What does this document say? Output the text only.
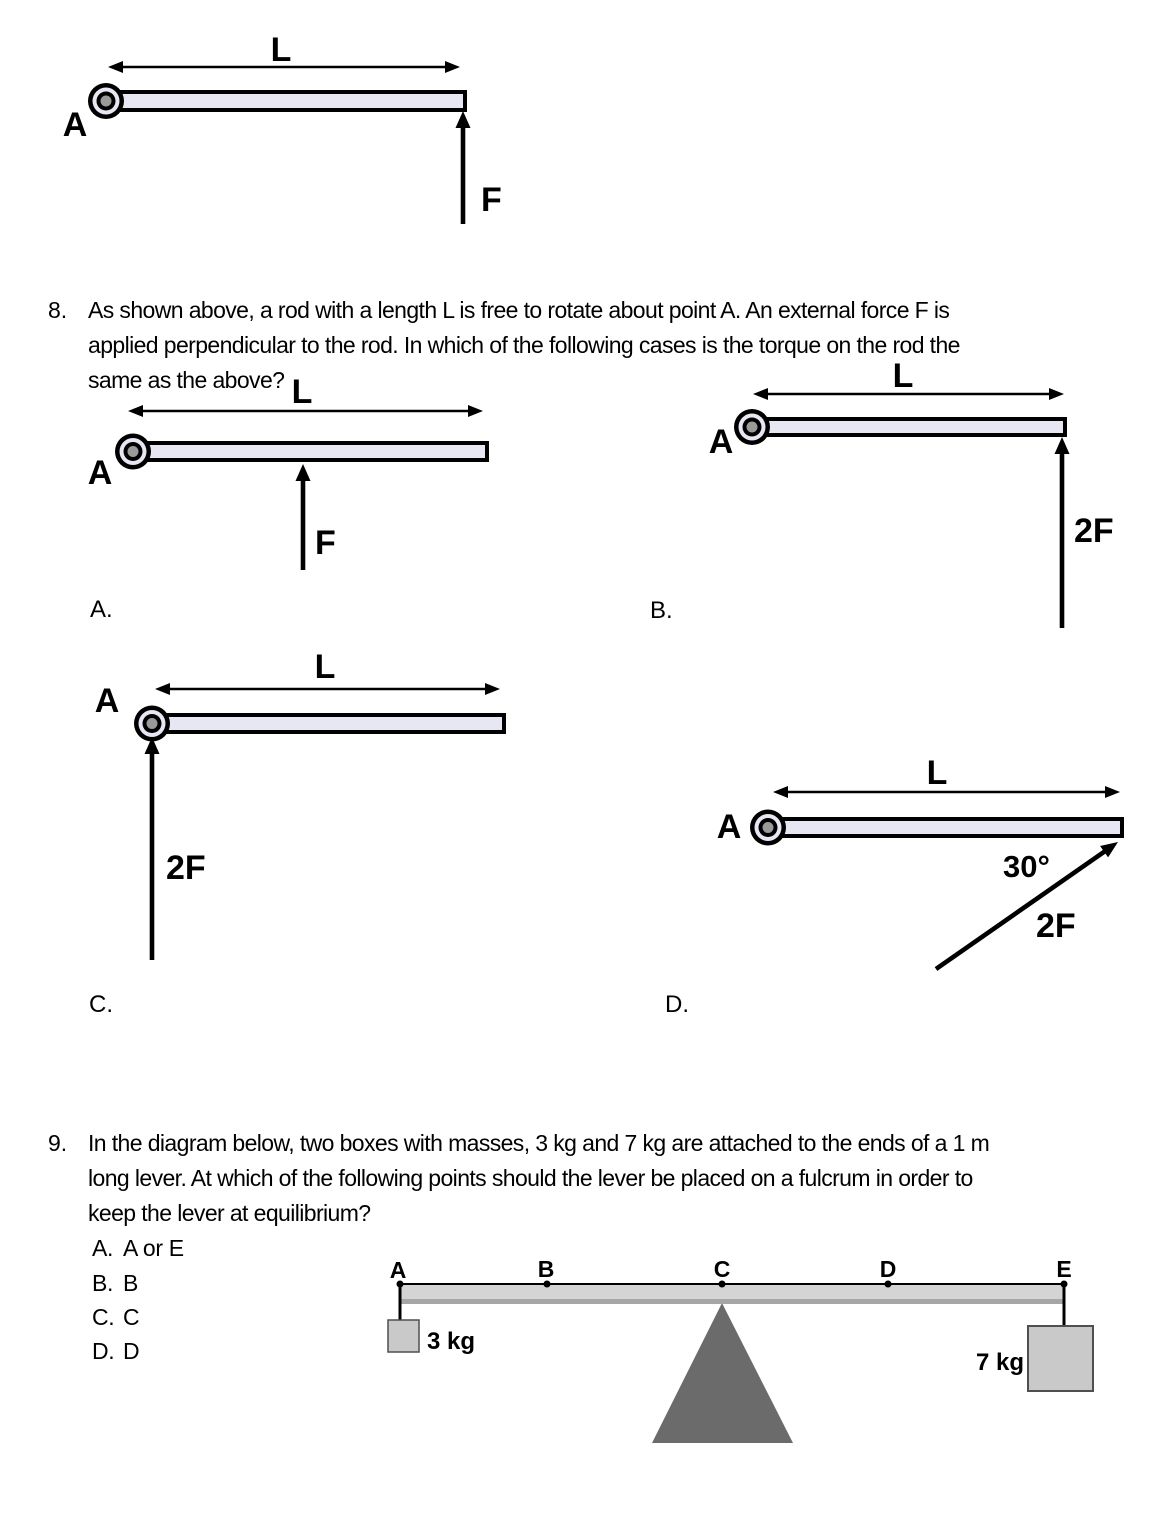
L
A
F
L
A
F
L
A
2F
L
A
2F
L
A
30°
2F
A	B	C	D	E
3 kg
7 kg
8. As shown above, a rod with a length L is free to rotate about point A. An external force F is
applied perpendicular to the rod. In which of the following cases is the torque on the rod the
same as the above?
A.	B.
C.	D.
9. In the diagram below, two boxes with masses, 3 kg and 7 kg are attached to the ends of a 1 m
long lever. At which of the following points should the lever be placed on a fulcrum in order to
keep the lever at equilibrium?
A. A or E
B. B
C. C
D. D
